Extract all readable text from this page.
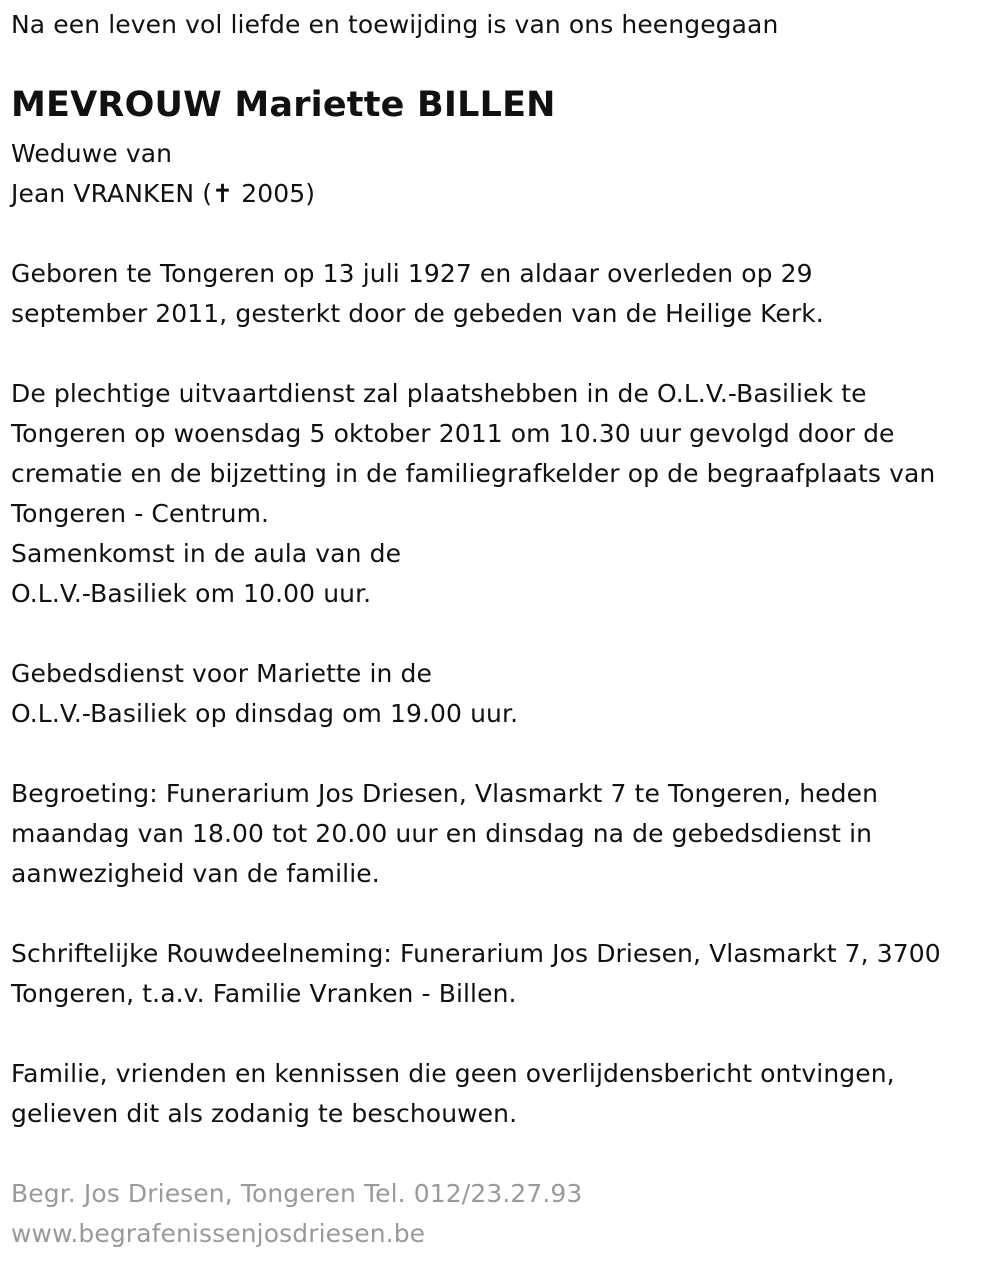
Na een leven vol liefde en toewijding is van ons heengegaan
MEVROUW Mariette BILLEN
Weduwe van
Jean VRANKEN (✝ 2005)
Geboren te Tongeren op 13 juli 1927 en aldaar overleden op 29
september 2011, gesterkt door de gebeden van de Heilige Kerk.
De plechtige uitvaartdienst zal plaatshebben in de O.L.V.-Basiliek te
Tongeren op woensdag 5 oktober 2011 om 10.30 uur gevolgd door de
crematie en de bijzetting in de familiegrafkelder op de begraafplaats van
Tongeren - Centrum.
Samenkomst in de aula van de
O.L.V.-Basiliek om 10.00 uur.
Gebedsdienst voor Mariette in de
O.L.V.-Basiliek op dinsdag om 19.00 uur.
Begroeting: Funerarium Jos Driesen, Vlasmarkt 7 te Tongeren, heden
maandag van 18.00 tot 20.00 uur en dinsdag na de gebedsdienst in
aanwezigheid van de familie.
Schriftelijke Rouwdeelneming: Funerarium Jos Driesen, Vlasmarkt 7, 3700
Tongeren, t.a.v. Familie Vranken - Billen.
Familie, vrienden en kennissen die geen overlijdensbericht ontvingen,
gelieven dit als zodanig te beschouwen.
Begr. Jos Driesen, Tongeren Tel. 012/23.27.93
www.begrafenissenjosdriesen.be
